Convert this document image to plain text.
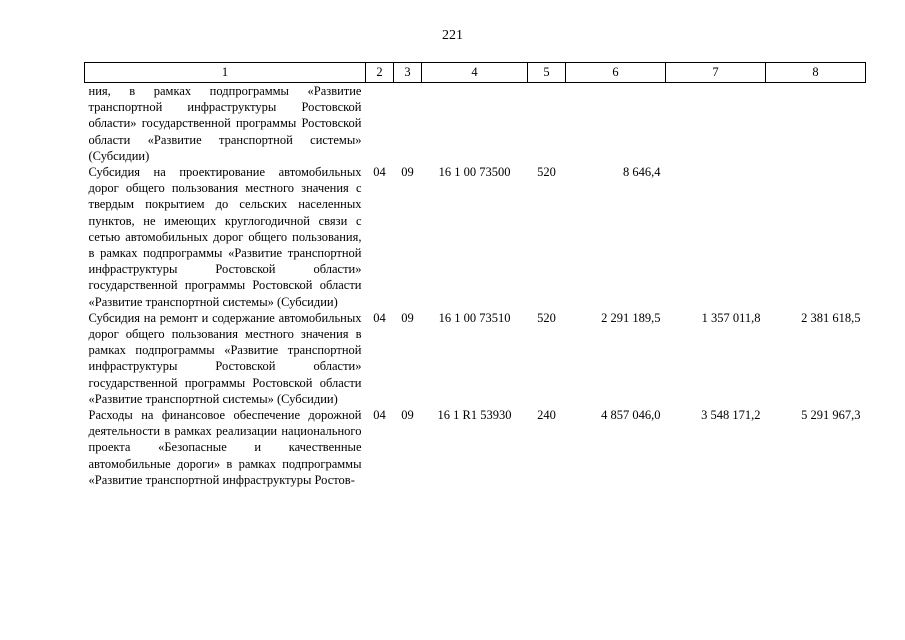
221
1	2	3	4	5	6	7	8
ния, в рамках подпрограммы «Развитие транспортной инфраструктуры Ростовской области» государственной программы Ростовской области «Развитие транспортной системы» (Субсидии)							
Субсидия на проектирование автомобильных дорог общего пользования местного значения с твердым покрытием до сельских населенных пунктов, не имеющих круглогодичной связи с сетью автомобильных дорог общего пользования, в рамках подпрограммы «Развитие транспортной инфраструктуры Ростовской области» государственной программы Ростовской области «Развитие транспортной системы» (Субсидии)	04	09	16 1 00 73500	520	8 646,4		
Субсидия на ремонт и содержание автомобильных дорог общего пользования местного значения в рамках подпрограммы «Развитие транспортной инфраструктуры Ростовской области» государственной программы Ростовской области «Развитие транспортной системы» (Субсидии)	04	09	16 1 00 73510	520	2 291 189,5	1 357 011,8	2 381 618,5
Расходы на финансовое обеспечение дорожной деятельности в рамках реализации национального проекта «Безопасные и качественные автомобильные дороги» в рамках подпрограммы «Развитие транспортной инфраструктуры Ростов-	04	09	16 1 R1 53930	240	4 857 046,0	3 548 171,2	5 291 967,3
